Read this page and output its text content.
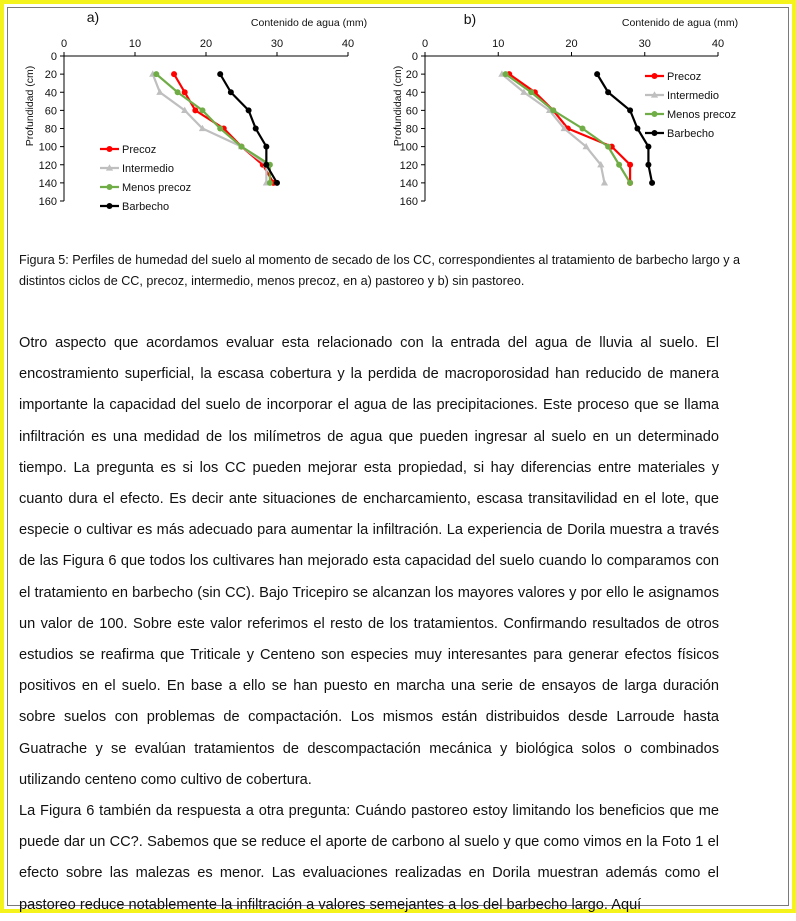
a)	Contenido de agua (mm)
Profundidad (cm)
0	10	20	30	40
0
20
40
60
80
100
120
140
160
Precoz
Intermedio
Menos precoz
Barbecho
b)	Contenido de agua (mm)
Profundidad (cm)
0	10	20	30	40
0
20
40
60
80
100
120
140
160
Precoz
Intermedio
Menos precoz
Barbecho

Figura 5: Perfiles de humedad del suelo al momento de secado de los CC, correspondientes al tratamiento de barbecho largo y a distintos ciclos de CC, precoz, intermedio, menos precoz, en a) pastoreo y b) sin pastoreo.

Otro aspecto que acordamos evaluar esta relacionado con la entrada del agua de lluvia al suelo. El encostramiento superficial, la escasa cobertura y la perdida de macroporosidad han reducido de manera importante la capacidad del suelo de incorporar el agua de las precipitaciones. Este proceso que se llama infiltración es una medidad de los milímetros de agua que pueden ingresar al suelo en un determinado tiempo. La pregunta es si los CC pueden mejorar esta propiedad, si hay diferencias entre materiales y cuanto dura el efecto. Es decir ante situaciones de encharcamiento, escasa transitavilidad en el lote, que especie o cultivar es más adecuado para aumentar la infiltración. La experiencia de Dorila muestra a través de las Figura 6 que todos los cultivares han mejorado esta capacidad del suelo cuando lo comparamos con el tratamiento en barbecho (sin CC). Bajo Tricepiro se alcanzan los mayores valores y por ello le asignamos un valor de 100. Sobre este valor referimos el resto de los tratamientos. Confirmando resultados de otros estudios se reafirma que Triticale y Centeno son especies muy interesantes para generar efectos físicos positivos en el suelo. En base a ello se han puesto en marcha una serie de ensayos de larga duración sobre suelos con problemas de compactación. Los mismos están distribuidos desde Larroude hasta Guatrache y se evalúan tratamientos de descompactación mecánica y biológica solos o combinados utilizando centeno como cultivo de cobertura.

La Figura 6 también da respuesta a otra pregunta: Cuándo pastoreo estoy limitando los beneficios que me puede dar un CC?. Sabemos que se reduce el aporte de carbono al suelo y que como vimos en la Foto 1 el efecto sobre las malezas es menor. Las evaluaciones realizadas en Dorila muestran además como el pastoreo reduce notablemente la infiltración a valores semejantes a los del barbecho largo. Aquí
